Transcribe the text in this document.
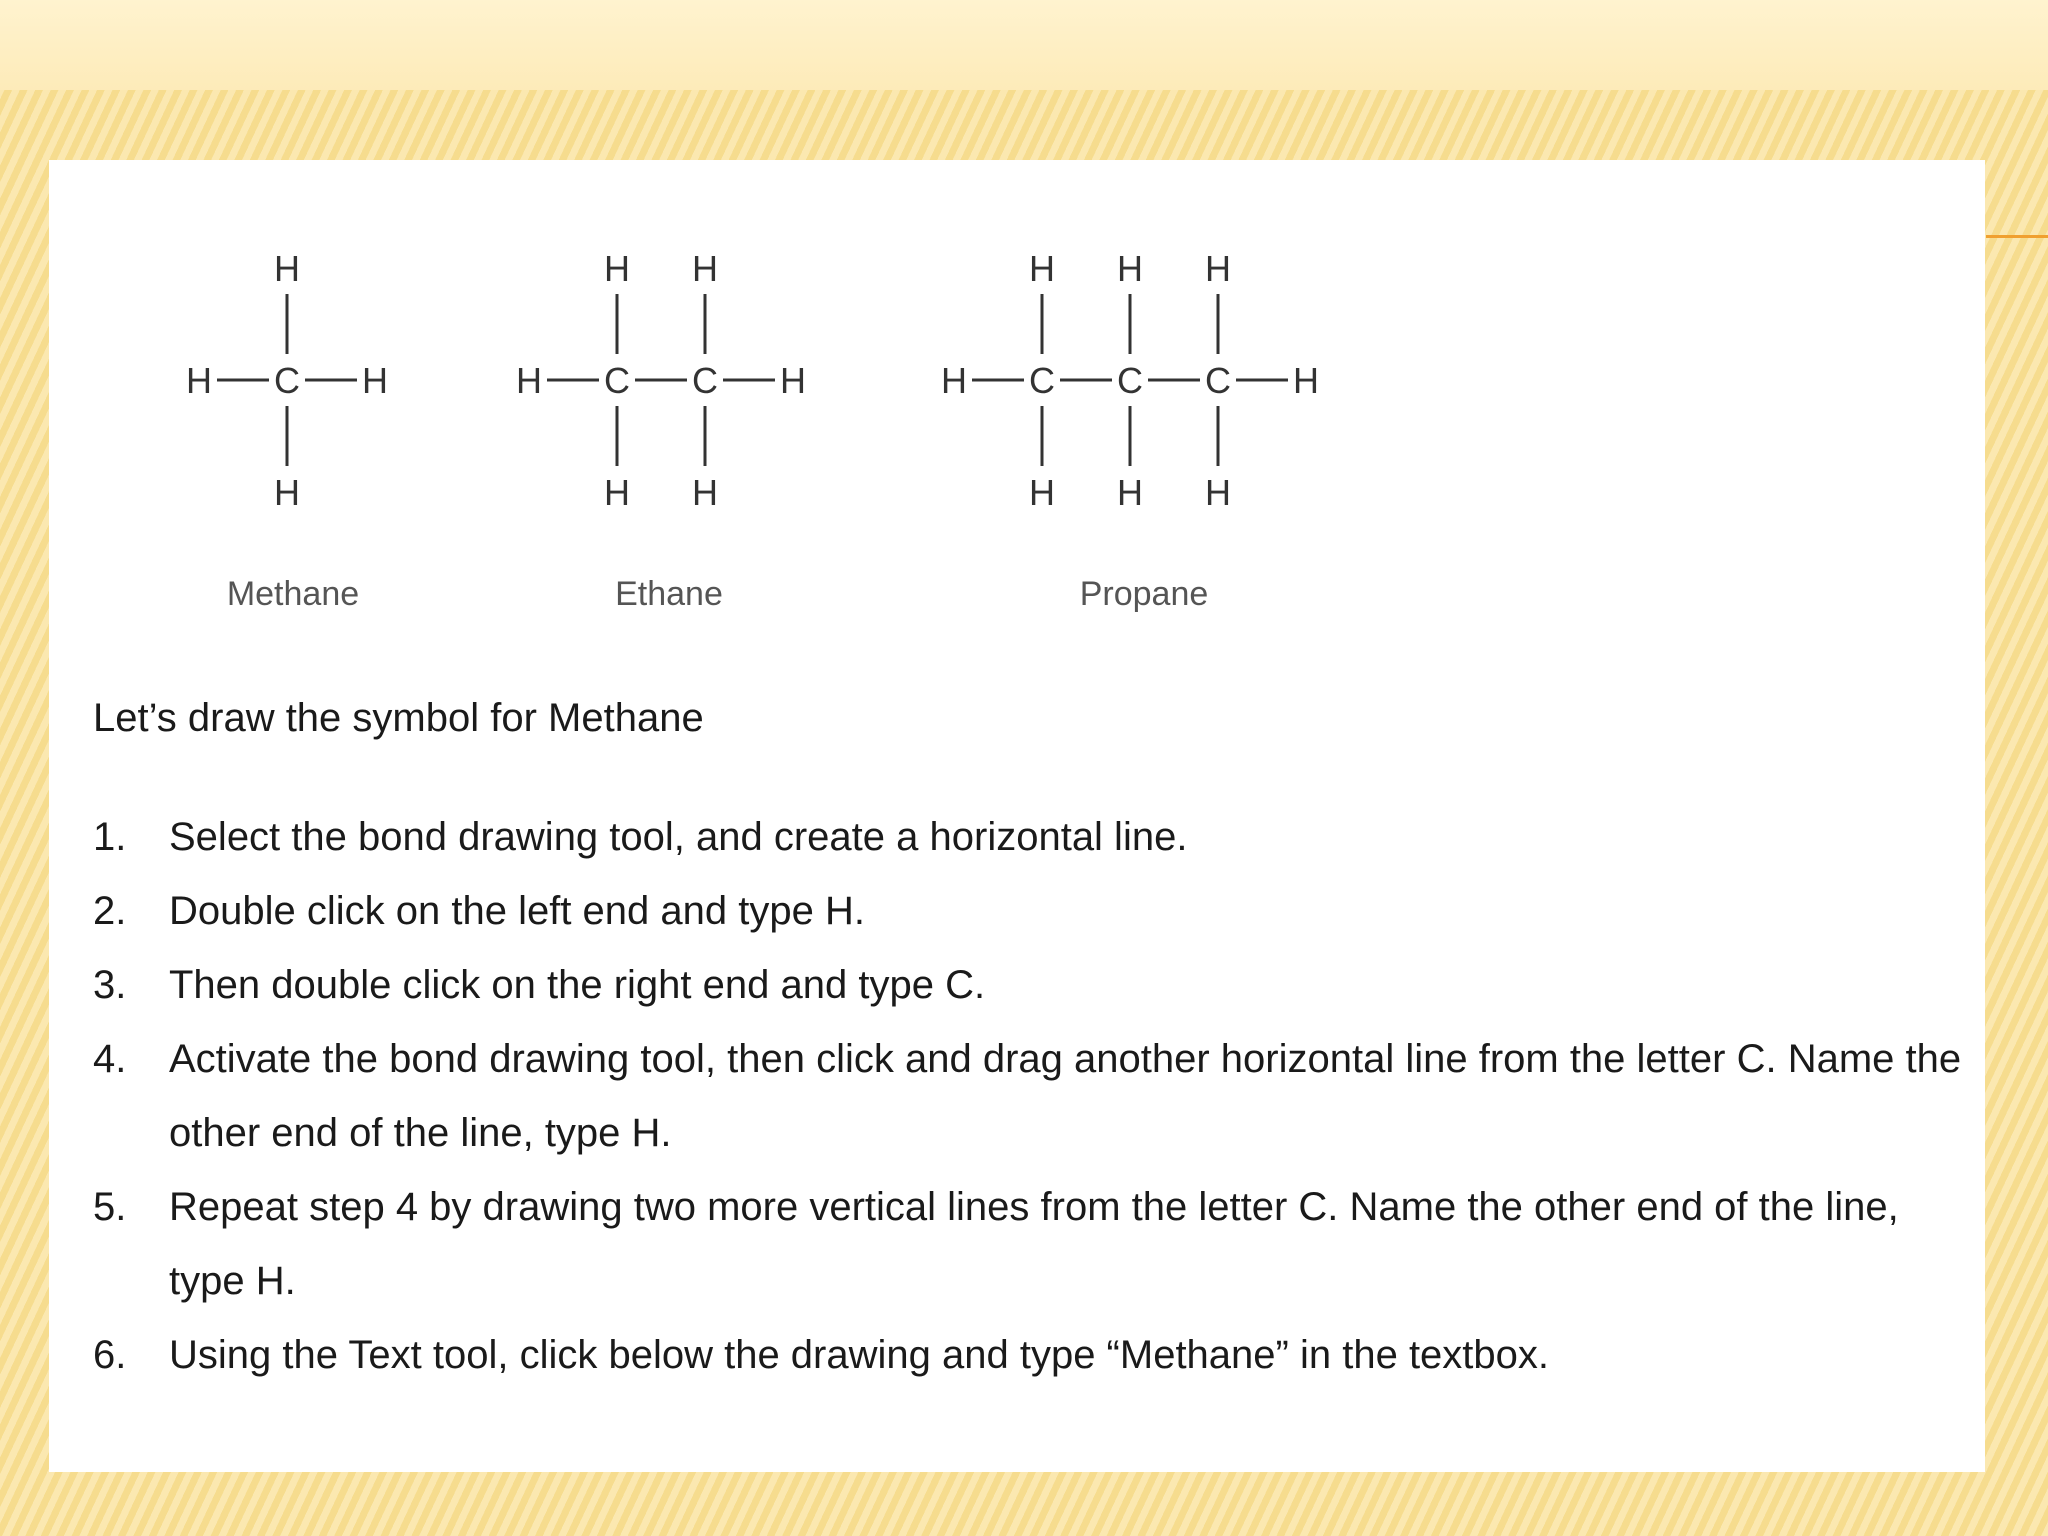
H C
H
H
H
Methane
H C
H
H
C
H
H
H
Ethane
H C
H
H
C
H
H
C
H
H
H
Propane
Let’s draw the symbol for Methane
1.	Select the bond drawing tool, and create a horizontal line.
2.	Double click on the left end and type H.
3.	Then double click on the right end and type C.
4.	Activate the bond drawing tool, then click and drag another horizontal line from the letter C. Name the other end of the line, type H.
5.	Repeat step 4 by drawing two more vertical lines from the letter C. Name the other end of the line, type H.
6.	Using the Text tool, click below the drawing and type “Methane” in the textbox.
